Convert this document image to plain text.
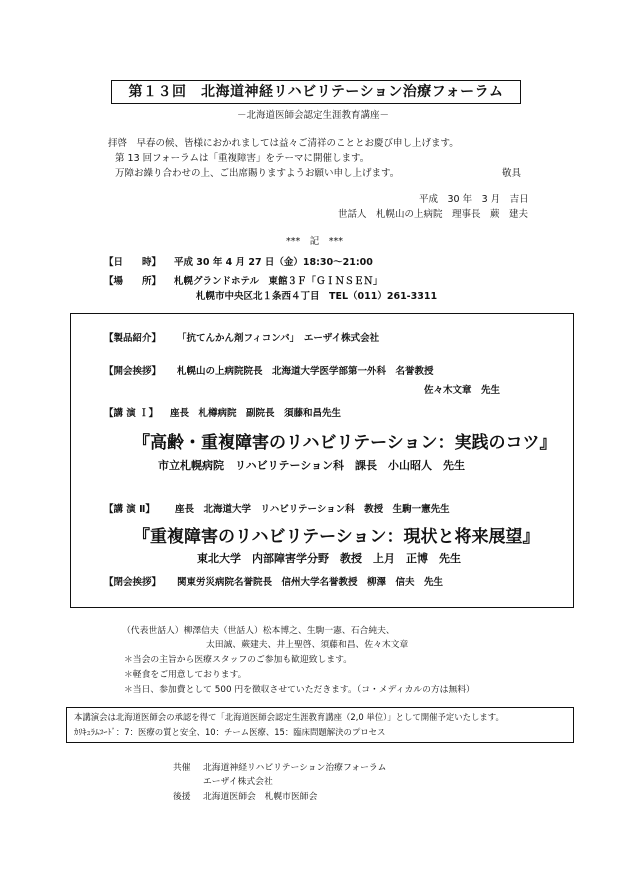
第１３回　北海道神経リハビリテーション治療フォーラム
－北海道医師会認定生涯教育講座－
拝啓　早春の候、皆様におかれましては益々ご清祥のこととお慶び申し上げます。
第 13 回フォーラムは「重複障害」をテーマに開催します。
万障お繰り合わせの上、ご出席賜りますようお願い申し上げます。	敬具
平成　30 年　3 月　吉日
世話人　札幌山の上病院　理事長　蕨　建夫
***　記　***
【日　　時】 平成 30 年 4 月 27 日（金）18:30～21:00
【場　　所】 札幌グランドホテル　東館３Ｆ「ＧＩＮＳＥＮ」
札幌市中央区北１条西４丁目　TEL（011）261-3311
【製品紹介】 「抗てんかん剤フィコンパ」　エーザイ株式会社
【開会挨拶】 札幌山の上病院院長　北海道大学医学部第一外科　名誉教授
佐々木文章　先生
【講 演 Ｉ】 座長　札樽病院　副院長　須藤和昌先生
『高齢・重複障害のリハビリテーション：実践のコツ』
市立札幌病院　リハビリテーション科　課長　小山昭人　先生
【講 演 Ⅱ】 座長　北海道大学　リハビリテーション科　教授　生駒一憲先生
『重複障害のリハビリテーション：現状と将来展望』
東北大学　内部障害学分野　教授　上月　正博　先生
【閉会挨拶】 関東労災病院名誉院長　信州大学名誉教授　柳澤　信夫　先生
（代表世話人）柳澤信夫（世話人）松本博之、生駒一憲、石合純夫、
太田誠、蕨建夫、井上聖啓、須藤和昌、佐々木文章
＊当会の主旨から医療スタッフのご参加も歓迎致します。
＊軽食をご用意しております。
＊当日、参加費として 500 円を徴収させていただきます。（コ・メディカルの方は無料）
本講演会は北海道医師会の承認を得て「北海道医師会認定生涯教育講座（2,0 単位）」として開催予定いたします。
ｶﾘｷｭﾗﾑｺｰﾄﾞ：7：医療の質と安全、10：チーム医療、15：臨床問題解決のプロセス
共催 北海道神経リハビリテーション治療フォーラム
エーザイ株式会社
後援 北海道医師会　札幌市医師会
